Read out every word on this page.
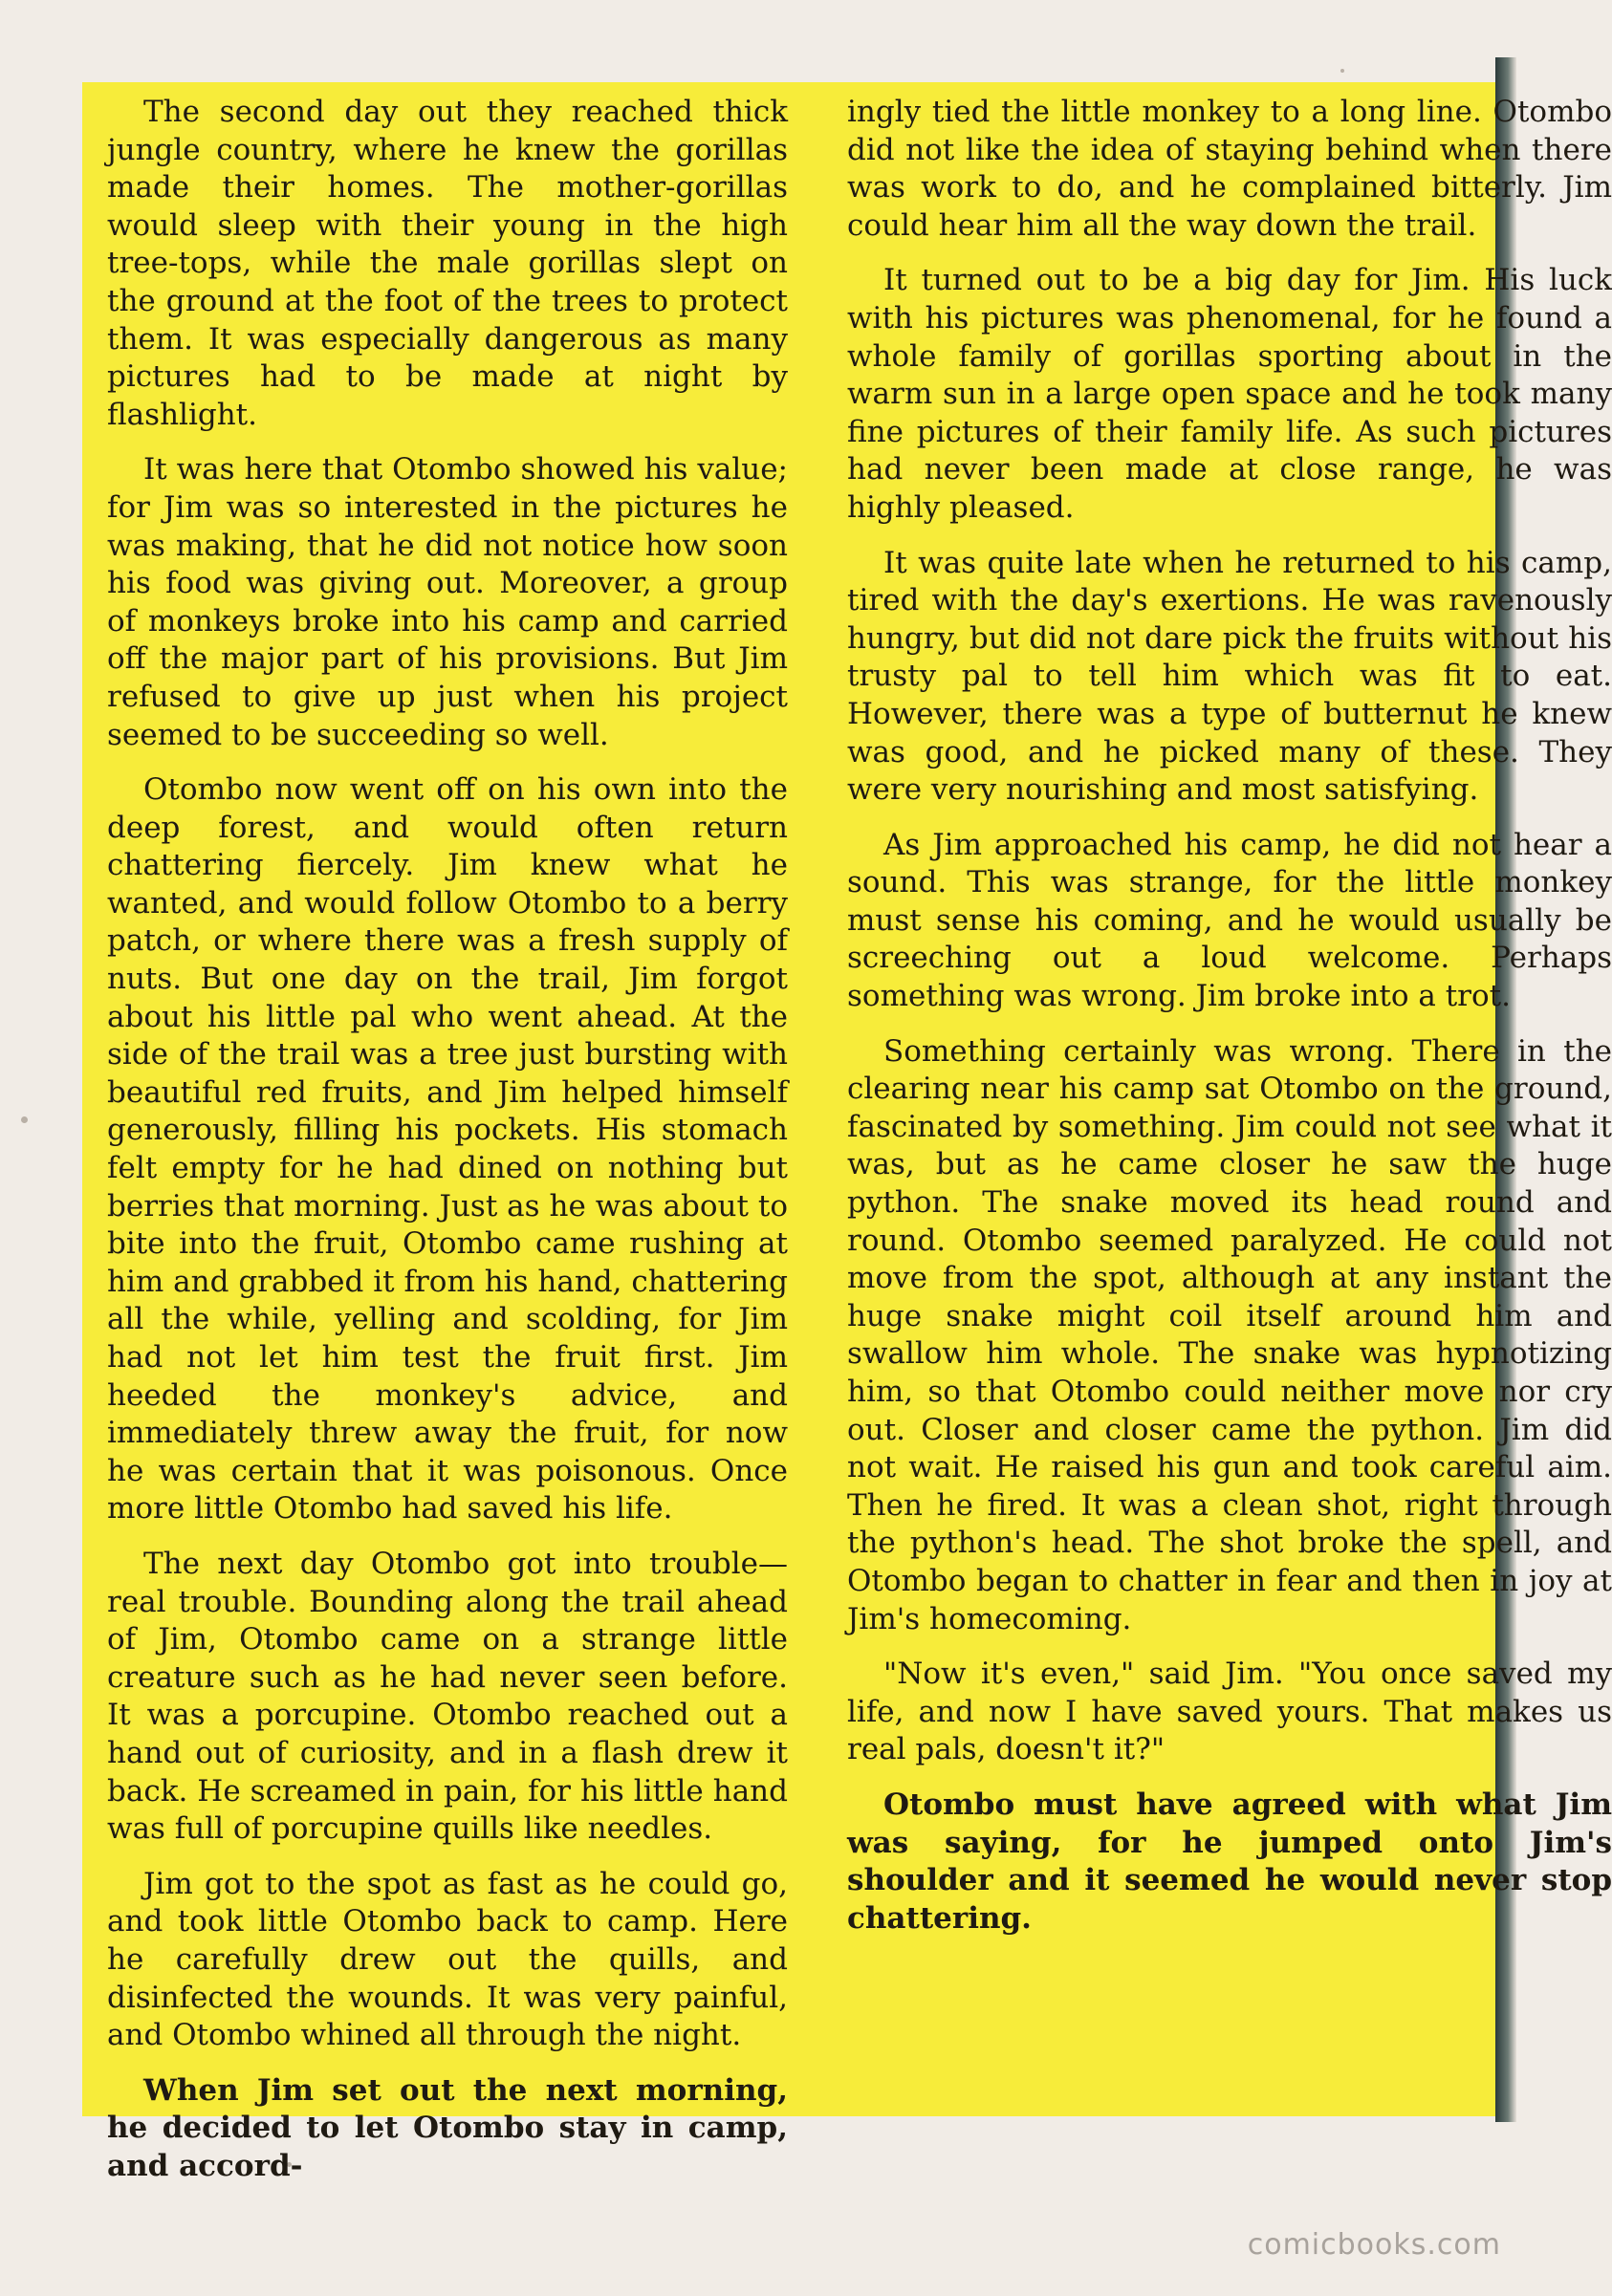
The second day out they reached thick jungle country, where he knew the gorillas made their homes. The mother-gorillas would sleep with their young in the high tree-tops, while the male gorillas slept on the ground at the foot of the trees to protect them. It was especially dangerous as many pictures had to be made at night by flashlight.

It was here that Otombo showed his value; for Jim was so interested in the pictures he was making, that he did not notice how soon his food was giving out. Moreover, a group of monkeys broke into his camp and carried off the major part of his provisions. But Jim refused to give up just when his project seemed to be succeeding so well.

Otombo now went off on his own into the deep forest, and would often return chattering fiercely. Jim knew what he wanted, and would follow Otombo to a berry patch, or where there was a fresh supply of nuts. But one day on the trail, Jim forgot about his little pal who went ahead. At the side of the trail was a tree just bursting with beautiful red fruits, and Jim helped himself generously, filling his pockets. His stomach felt empty for he had dined on nothing but berries that morning. Just as he was about to bite into the fruit, Otombo came rushing at him and grabbed it from his hand, chattering all the while, yelling and scolding, for Jim had not let him test the fruit first. Jim heeded the monkey's advice, and immediately threw away the fruit, for now he was certain that it was poisonous. Once more little Otombo had saved his life.

The next day Otombo got into trouble—real trouble. Bounding along the trail ahead of Jim, Otombo came on a strange little creature such as he had never seen before. It was a porcupine. Otombo reached out a hand out of curiosity, and in a flash drew it back. He screamed in pain, for his little hand was full of porcupine quills like needles.

Jim got to the spot as fast as he could go, and took little Otombo back to camp. Here he carefully drew out the quills, and disinfected the wounds. It was very painful, and Otombo whined all through the night.

When Jim set out the next morning, he decided to let Otombo stay in camp, and accord-

ingly tied the little monkey to a long line. Otombo did not like the idea of staying behind when there was work to do, and he complained bitterly. Jim could hear him all the way down the trail.

It turned out to be a big day for Jim. His luck with his pictures was phenomenal, for he found a whole family of gorillas sporting about in the warm sun in a large open space and he took many fine pictures of their family life. As such pictures had never been made at close range, he was highly pleased.

It was quite late when he returned to his camp, tired with the day's exertions. He was ravenously hungry, but did not dare pick the fruits without his trusty pal to tell him which was fit to eat. However, there was a type of butternut he knew was good, and he picked many of these. They were very nourishing and most satisfying.

As Jim approached his camp, he did not hear a sound. This was strange, for the little monkey must sense his coming, and he would usually be screeching out a loud welcome. Perhaps something was wrong. Jim broke into a trot.

Something certainly was wrong. There in the clearing near his camp sat Otombo on the ground, fascinated by something. Jim could not see what it was, but as he came closer he saw the huge python. The snake moved its head round and round. Otombo seemed paralyzed. He could not move from the spot, although at any instant the huge snake might coil itself around him and swallow him whole. The snake was hypnotizing him, so that Otombo could neither move nor cry out. Closer and closer came the python. Jim did not wait. He raised his gun and took careful aim. Then he fired. It was a clean shot, right through the python's head. The shot broke the spell, and Otombo began to chatter in fear and then in joy at Jim's homecoming.

"Now it's even," said Jim. "You once saved my life, and now I have saved yours. That makes us real pals, doesn't it?"

Otombo must have agreed with what Jim was saying, for he jumped onto Jim's shoulder and it seemed he would never stop chattering.

comicbooks.com
